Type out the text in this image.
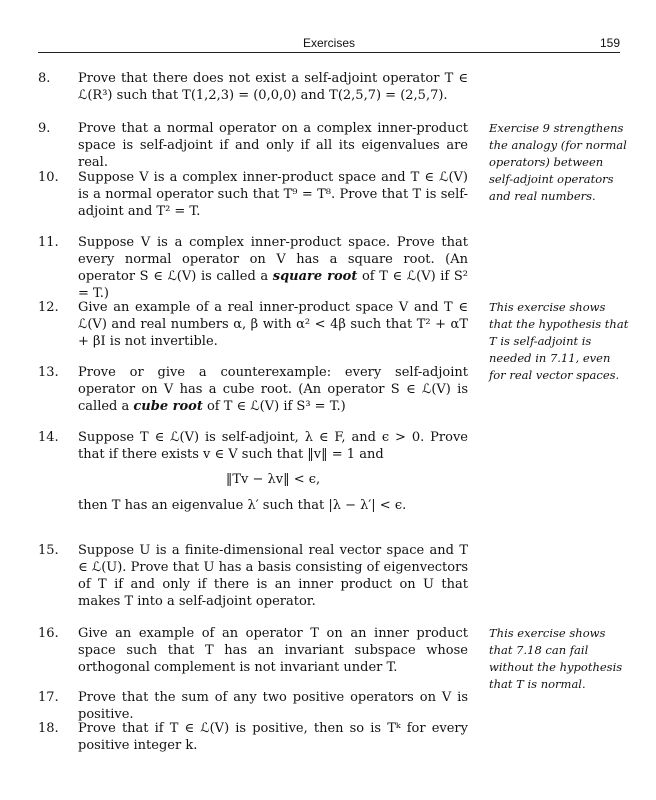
Exercises	159
8.	Prove that there does not exist a self-adjoint operator T ∈ ℒ(R³) such that T(1,2,3) = (0,0,0) and T(2,5,7) = (2,5,7).
9.	Prove that a normal operator on a complex inner-product space is self-adjoint if and only if all its eigenvalues are real.
10.	Suppose V is a complex inner-product space and T ∈ ℒ(V) is a normal operator such that T⁹ = T⁸. Prove that T is self-adjoint and T² = T.
11.	Suppose V is a complex inner-product space. Prove that every normal operator on V has a square root. (An operator S ∈ ℒ(V) is called a square root of T ∈ ℒ(V) if S² = T.)
12.	Give an example of a real inner-product space V and T ∈ ℒ(V) and real numbers α, β with α² < 4β such that T² + αT + βI is not invertible.
13.	Prove or give a counterexample: every self-adjoint operator on V has a cube root. (An operator S ∈ ℒ(V) is called a cube root of T ∈ ℒ(V) if S³ = T.)
14.	Suppose T ∈ ℒ(V) is self-adjoint, λ ∈ F, and ϵ > 0. Prove that if there exists v ∈ V such that ‖v‖ = 1 and
‖Tv − λv‖ < ϵ,
then T has an eigenvalue λ′ such that |λ − λ′| < ϵ.
15.	Suppose U is a finite-dimensional real vector space and T ∈ ℒ(U). Prove that U has a basis consisting of eigenvectors of T if and only if there is an inner product on U that makes T into a self-adjoint operator.
16.	Give an example of an operator T on an inner product space such that T has an invariant subspace whose orthogonal complement is not invariant under T.
17.	Prove that the sum of any two positive operators on V is positive.
18.	Prove that if T ∈ ℒ(V) is positive, then so is Tᵏ for every positive integer k.
Exercise 9 strengthens the analogy (for normal operators) between self-adjoint operators and real numbers.
This exercise shows that the hypothesis that T is self-adjoint is needed in 7.11, even for real vector spaces.
This exercise shows that 7.18 can fail without the hypothesis that T is normal.
